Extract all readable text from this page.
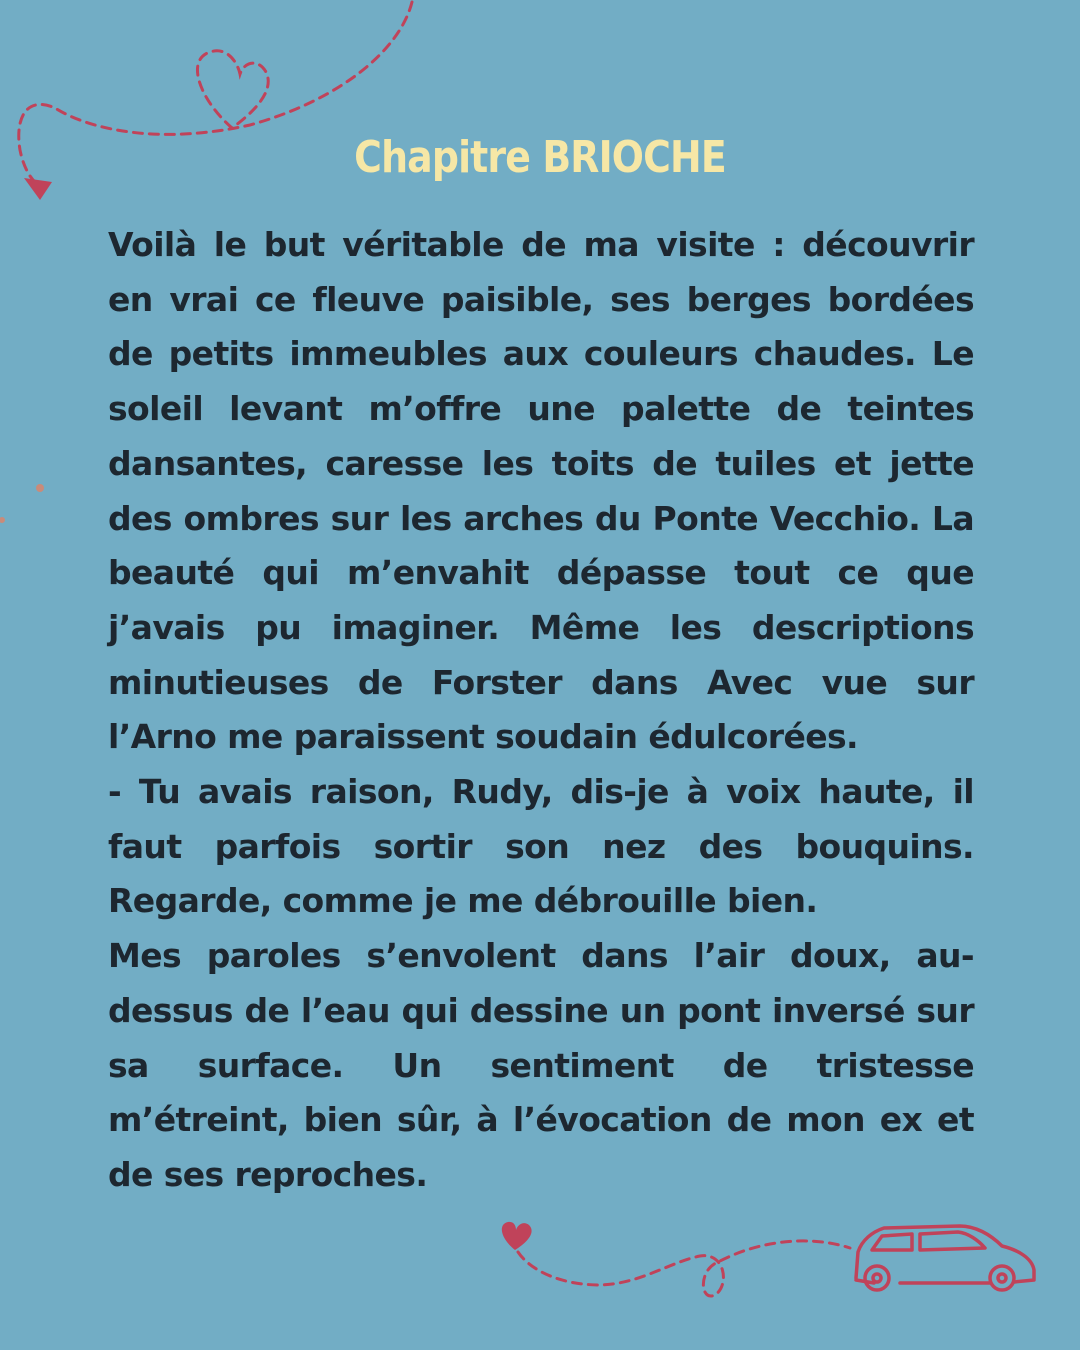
Chapitre BRIOCHE

Voilà le but véritable de ma visite : découvrir en vrai ce fleuve paisible, ses berges bordées de petits immeubles aux couleurs chaudes. Le soleil levant m’offre une palette de teintes dansantes, caresse les toits de tuiles et jette des ombres sur les arches du Ponte Vecchio. La beauté qui m’envahit dépasse tout ce que j’avais pu imaginer. Même les descriptions minutieuses de Forster dans Avec vue sur l’Arno me paraissent soudain édulcorées.

- Tu avais raison, Rudy, dis-je à voix haute, il faut parfois sortir son nez des bouquins. Regarde, comme je me débrouille bien.

Mes paroles s’envolent dans l’air doux, au-dessus de l’eau qui dessine un pont inversé sur sa surface. Un sentiment de tristesse m’étreint, bien sûr, à l’évocation de mon ex et de ses reproches.
